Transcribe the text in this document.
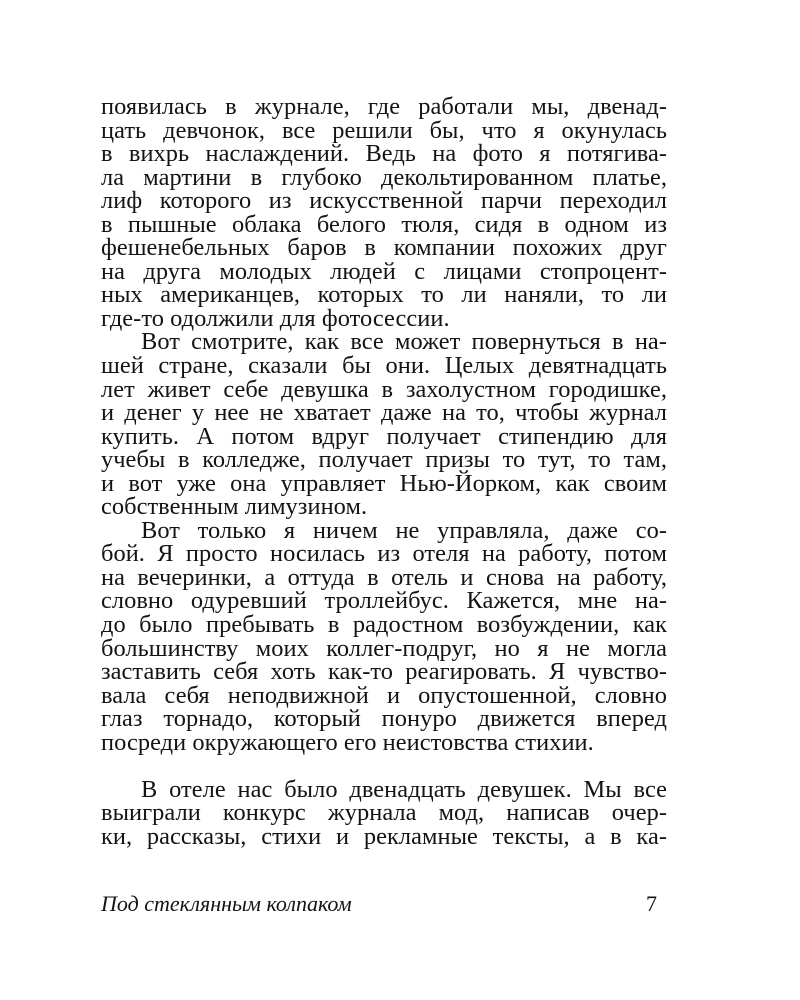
появилась в журнале, где работали мы, двенад-
цать девчонок, все решили бы, что я окунулась
в вихрь наслаждений. Ведь на фото я потягива-
ла мартини в глубоко декольтированном платье,
лиф которого из искусственной парчи переходил
в пышные облака белого тюля, сидя в одном из
фешенебельных баров в компании похожих друг
на друга молодых людей с лицами стопроцент-
ных американцев, которых то ли наняли, то ли
где-то одолжили для фотосессии.
Вот смотрите, как все может повернуться в на-
шей стране, сказали бы они. Целых девятнадцать
лет живет себе девушка в захолустном городишке,
и денег у нее не хватает даже на то, чтобы журнал
купить. А потом вдруг получает стипендию для
учебы в колледже, получает призы то тут, то там,
и вот уже она управляет Нью-Йорком, как своим
собственным лимузином.
Вот только я ничем не управляла, даже со-
бой. Я просто носилась из отеля на работу, потом
на вечеринки, а оттуда в отель и снова на работу,
словно одуревший троллейбус. Кажется, мне на-
до было пребывать в радостном возбуждении, как
большинству моих коллег-подруг, но я не могла
заставить себя хоть как-то реагировать. Я чувство-
вала себя неподвижной и опустошенной, словно
глаз торнадо, который понуро движется вперед
посреди окружающего его неистовства стихии.
В отеле нас было двенадцать девушек. Мы все
выиграли конкурс журнала мод, написав очер-
ки, рассказы, стихи и рекламные тексты, а в ка-
Под стеклянным колпаком	7
